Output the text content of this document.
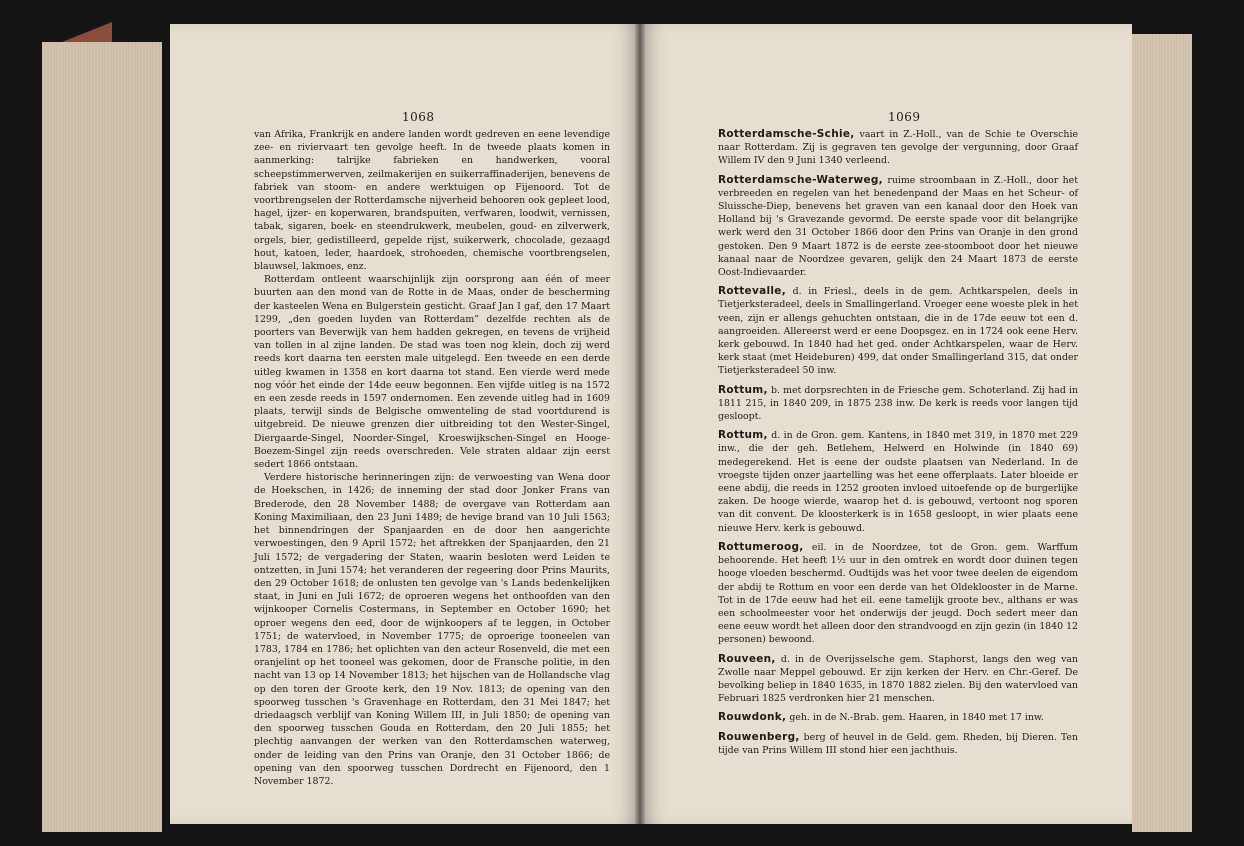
1068

van Afrika, Frankrijk en andere landen wordt gedreven en eene levendige zee- en riviervaart ten gevolge heeft. In de tweede plaats komen in aanmerking: talrijke fabrieken en handwerken, vooral scheepstimmerwerven, zeilmakerijen en suikerraffinaderijen, benevens de fabriek van stoom- en andere werktuigen op Fijenoord. Tot de voortbrengselen der Rotterdamsche nijverheid behooren ook gepleet lood, hagel, ijzer- en koperwaren, brandspuiten, verfwaren, loodwit, vernissen, tabak, sigaren, boek- en steendrukwerk, meubelen, goud- en zilverwerk, orgels, bier, gedistilleerd, gepelde rijst, suikerwerk, chocolade, gezaagd hout, katoen, leder, haardoek, strohoeden, chemische voortbrengselen, blauwsel, lakmoes, enz.

Rotterdam ontleent waarschijnlijk zijn oorsprong aan één of meer buurten aan den mond van de Rotte in de Maas, onder de bescherming der kasteelen Wena en Bulgerstein gesticht. Graaf Jan I gaf, den 17 Maart 1299, „den goeden luyden van Rotterdam” dezelfde rechten als de poorters van Beverwijk van hem hadden gekregen, en tevens de vrijheid van tollen in al zijne landen. De stad was toen nog klein, doch zij werd reeds kort daarna ten eersten male uitgelegd. Een tweede en een derde uitleg kwamen in 1358 en kort daarna tot stand. Een vierde werd mede nog vóór het einde der 14de eeuw begonnen. Een vijfde uitleg is na 1572 en een zesde reeds in 1597 ondernomen. Een zevende uitleg had in 1609 plaats, terwijl sinds de Belgische omwenteling de stad voortdurend is uitgebreid. De nieuwe grenzen dier uitbreiding tot den Wester-Singel, Diergaarde-Singel, Noorder-Singel, Kroeswijkschen-Singel en Hooge-Boezem-Singel zijn reeds overschreden. Vele straten aldaar zijn eerst sedert 1866 ontstaan.

Verdere historische herinneringen zijn: de verwoesting van Wena door de Hoekschen, in 1426; de inneming der stad door Jonker Frans van Brederode, den 28 November 1488; de overgave van Rotterdam aan Koning Maximiliaan, den 23 Juni 1489; de hevige brand van 10 Juli 1563; het binnendringen der Spanjaarden en de door hen aangerichte verwoestingen, den 9 April 1572; het aftrekken der Spanjaarden, den 21 Juli 1572; de vergadering der Staten, waarin besloten werd Leiden te ontzetten, in Juni 1574; het veranderen der regeering door Prins Maurits, den 29 October 1618; de onlusten ten gevolge van 's Lands bedenkelijken staat, in Juni en Juli 1672; de oproeren wegens het onthoofden van den wijnkooper Cornelis Costermans, in September en October 1690; het oproer wegens den eed, door de wijnkoopers af te leggen, in October 1751; de watervloed, in November 1775; de oproerige tooneelen van 1783, 1784 en 1786; het oplichten van den acteur Rosenveld, die met een oranjelint op het tooneel was gekomen, door de Fransche politie, in den nacht van 13 op 14 November 1813; het hijschen van de Hollandsche vlag op den toren der Groote kerk, den 19 Nov. 1813; de opening van den spoorweg tusschen 's Gravenhage en Rotterdam, den 31 Mei 1847; het driedaagsch verblijf van Koning Willem III, in Juli 1850; de opening van den spoorweg tusschen Gouda en Rotterdam, den 20 Juli 1855; het plechtig aanvangen der werken van den Rotterdamschen waterweg, onder de leiding van den Prins van Oranje, den 31 October 1866; de opening van den spoorweg tusschen Dordrecht en Fijenoord, den 1 November 1872.

1069

Rotterdamsche-Schie, vaart in Z.-Holl., van de Schie te Overschie naar Rotterdam. Zij is gegraven ten gevolge der vergunning, door Graaf Willem IV den 9 Juni 1340 verleend.

Rotterdamsche-Waterweg, ruime stroombaan in Z.-Holl., door het verbreeden en regelen van het benedenpand der Maas en het Scheur- of Sluissche-Diep, benevens het graven van een kanaal door den Hoek van Holland bij 's Gravezande gevormd. De eerste spade voor dit belangrijke werk werd den 31 October 1866 door den Prins van Oranje in den grond gestoken. Den 9 Maart 1872 is de eerste zee-stoomboot door het nieuwe kanaal naar de Noordzee gevaren, gelijk den 24 Maart 1873 de eerste Oost-Indievaarder.

Rottevalle, d. in Friesl., deels in de gem. Achtkarspelen, deels in Tietjerksteradeel, deels in Smallingerland. Vroeger eene woeste plek in het veen, zijn er allengs gehuchten ontstaan, die in de 17de eeuw tot een d. aangroeiden. Allereerst werd er eene Doopsgez. en in 1724 ook eene Herv. kerk gebouwd. In 1840 had het ged. onder Achtkarspelen, waar de Herv. kerk staat (met Heideburen) 499, dat onder Smallingerland 315, dat onder Tietjerksteradeel 50 inw.

Rottum, b. met dorpsrechten in de Friesche gem. Schoterland. Zij had in 1811 215, in 1840 209, in 1875 238 inw. De kerk is reeds voor langen tijd gesloopt.

Rottum, d. in de Gron. gem. Kantens, in 1840 met 319, in 1870 met 229 inw., die der geh. Betlehem, Helwerd en Holwinde (in 1840 69) medegerekend. Het is eene der oudste plaatsen van Nederland. In de vroegste tijden onzer jaartelling was het eene offerplaats. Later bloeide er eene abdij, die reeds in 1252 grooten invloed uitoefende op de burgerlijke zaken. De hooge wierde, waarop het d. is gebouwd, vertoont nog sporen van dit convent. De kloosterkerk is in 1658 gesloopt, in wier plaats eene nieuwe Herv. kerk is gebouwd.

Rottumeroog, eil. in de Noordzee, tot de Gron. gem. Warffum behoorende. Het heeft 1½ uur in den omtrek en wordt door duinen tegen hooge vloeden beschermd. Oudtijds was het voor twee deelen de eigendom der abdij te Rottum en voor een derde van het Oldeklooster in de Marne. Tot in de 17de eeuw had het eil. eene tamelijk groote bev., althans er was een schoolmeester voor het onderwijs der jeugd. Doch sedert meer dan eene eeuw wordt het alleen door den strandvoogd en zijn gezin (in 1840 12 personen) bewoond.

Rouveen, d. in de Overijsselsche gem. Staphorst, langs den weg van Zwolle naar Meppel gebouwd. Er zijn kerken der Herv. en Chr.-Geref. De bevolking beliep in 1840 1635, in 1870 1882 zielen. Bij den watervloed van Februari 1825 verdronken hier 21 menschen.

Rouwdonk, geh. in de N.-Brab. gem. Haaren, in 1840 met 17 inw.

Rouwenberg, berg of heuvel in de Geld. gem. Rheden, bij Dieren. Ten tijde van Prins Willem III stond hier een jachthuis.
